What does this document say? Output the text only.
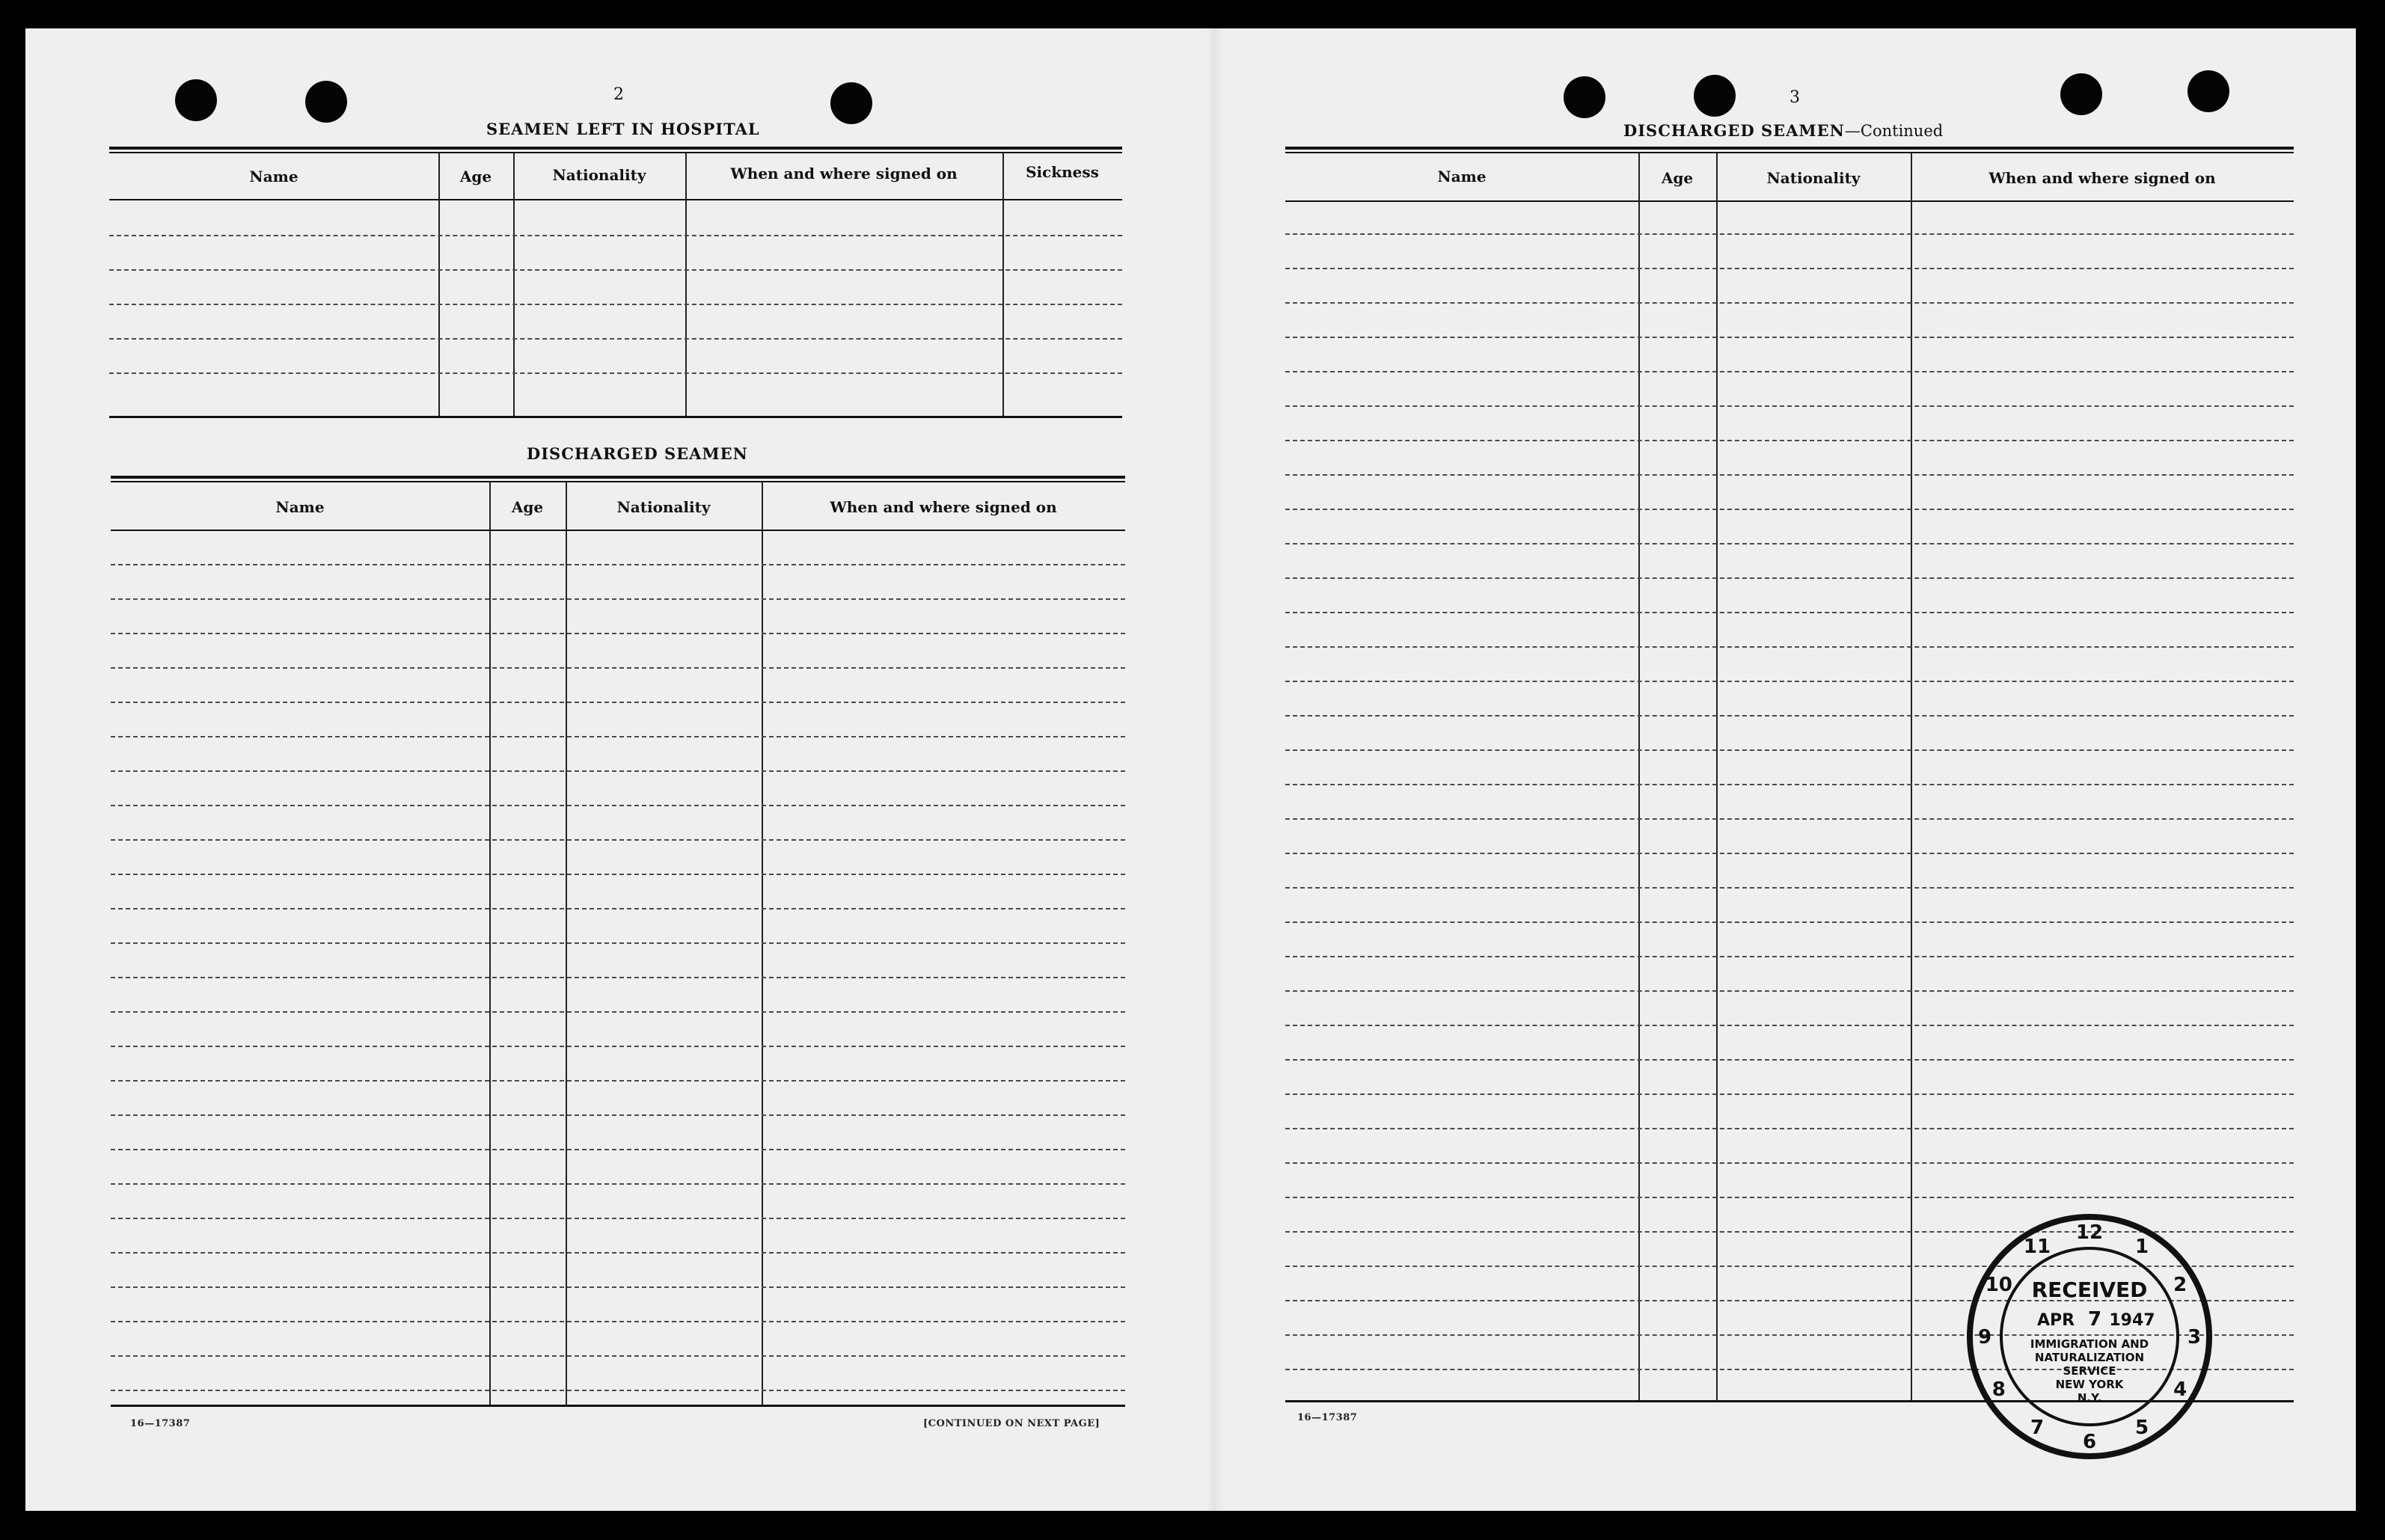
2
SEAMEN LEFT IN HOSPITAL
Name	Age	Nationality	When and where signed on	Sickness
DISCHARGED SEAMEN
Name	Age	Nationality	When and where signed on
16—17387	[CONTINUED ON NEXT PAGE]
3
DISCHARGED SEAMEN—Continued
Name	Age	Nationality	When and where signed on
16—17387
12
1
2
3
4
5
6
7
8
9
10
11
RECEIVED
APR 7 1947
IMMIGRATION AND
NATURALIZATION
SERVICE
NEW YORK
N.Y.
